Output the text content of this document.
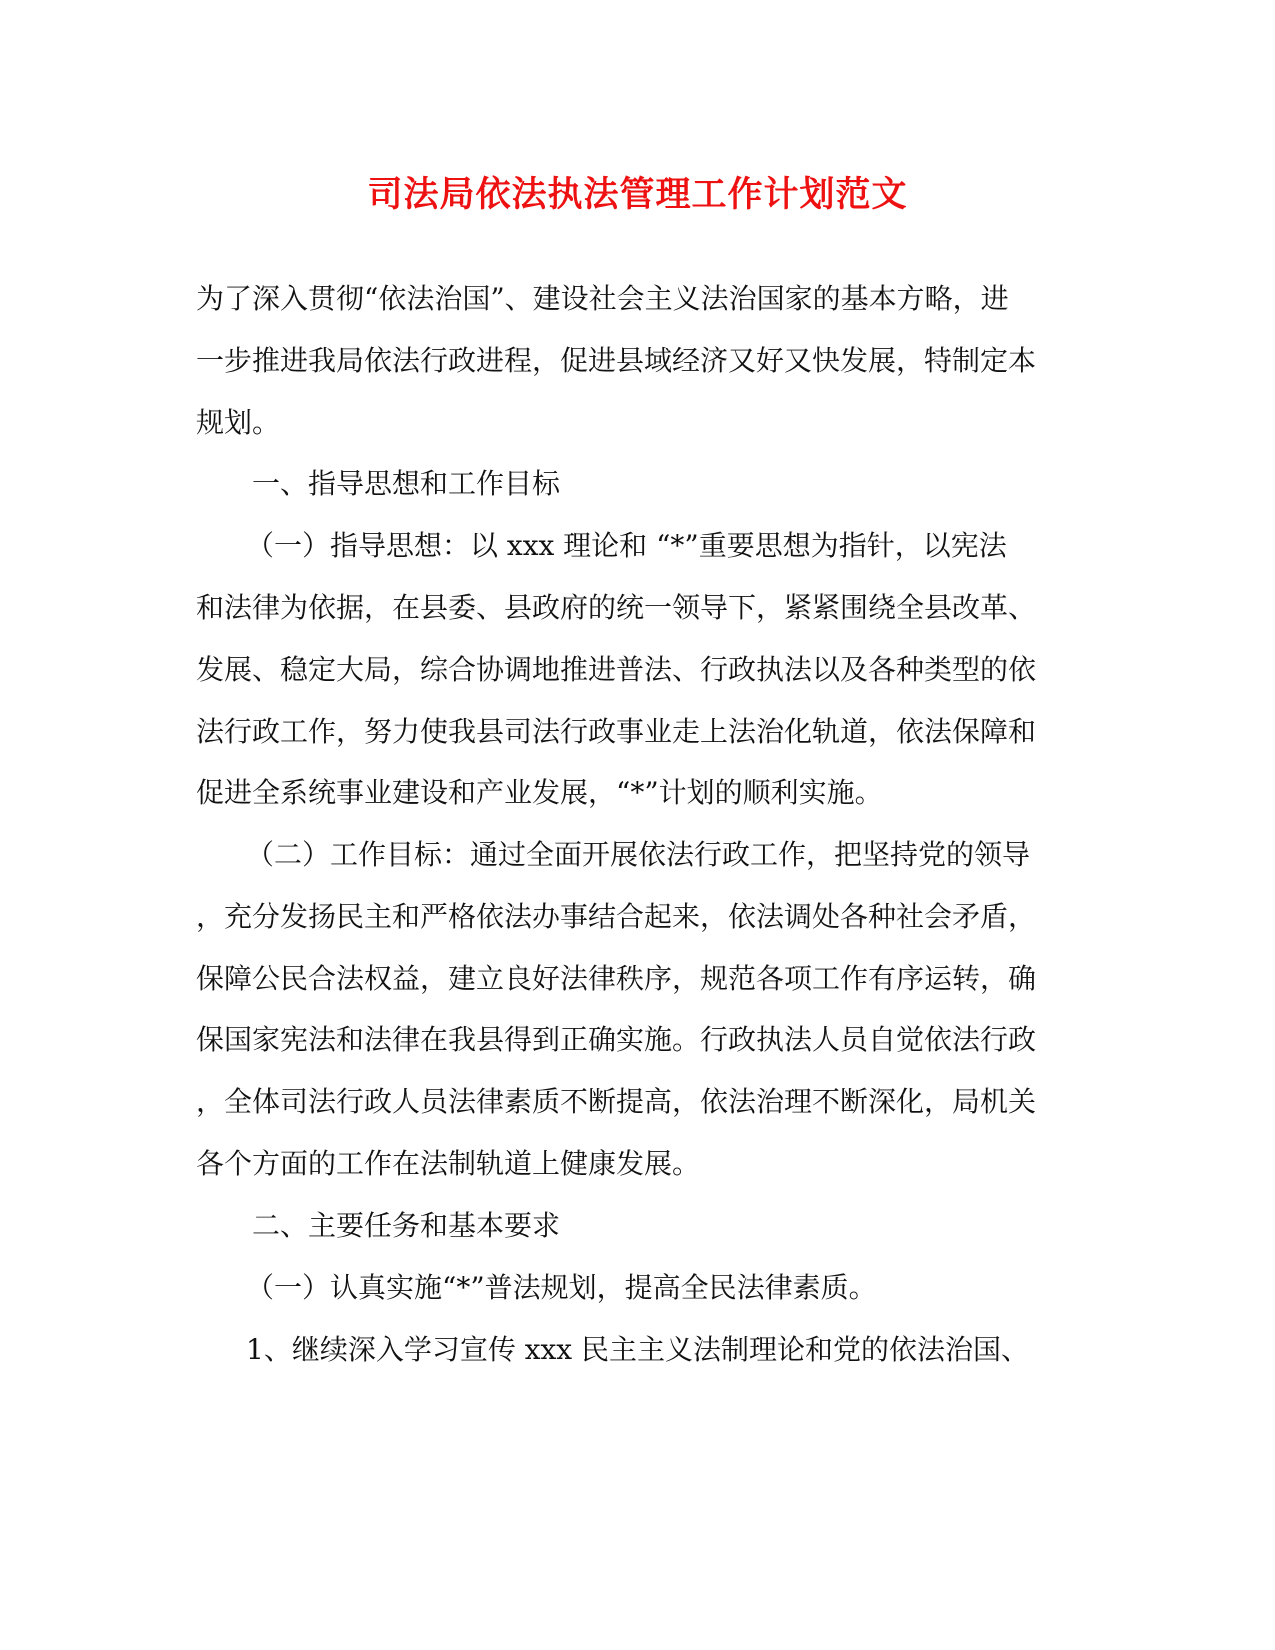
司法局依法执法管理工作计划范文
为了深入贯彻“依法治国”、建设社会主义法治国家的基本方略，进
一步推进我局依法行政进程，促进县域经济又好又快发展，特制定本
规划。
一、指导思想和工作目标
（一）指导思想：以 xxx 理论和 “*”重要思想为指针，以宪法
和法律为依据，在县委、县政府的统一领导下，紧紧围绕全县改革、
发展、稳定大局，综合协调地推进普法、行政执法以及各种类型的依
法行政工作，努力使我县司法行政事业走上法治化轨道，依法保障和
促进全系统事业建设和产业发展，“*”计划的顺利实施。
（二）工作目标：通过全面开展依法行政工作，把坚持党的领导
，充分发扬民主和严格依法办事结合起来，依法调处各种社会矛盾，
保障公民合法权益，建立良好法律秩序，规范各项工作有序运转，确
保国家宪法和法律在我县得到正确实施。行政执法人员自觉依法行政
，全体司法行政人员法律素质不断提高，依法治理不断深化，局机关
各个方面的工作在法制轨道上健康发展。
二、主要任务和基本要求
（一）认真实施“*”普法规划，提高全民法律素质。
1、继续深入学习宣传 xxx 民主主义法制理论和党的依法治国、
